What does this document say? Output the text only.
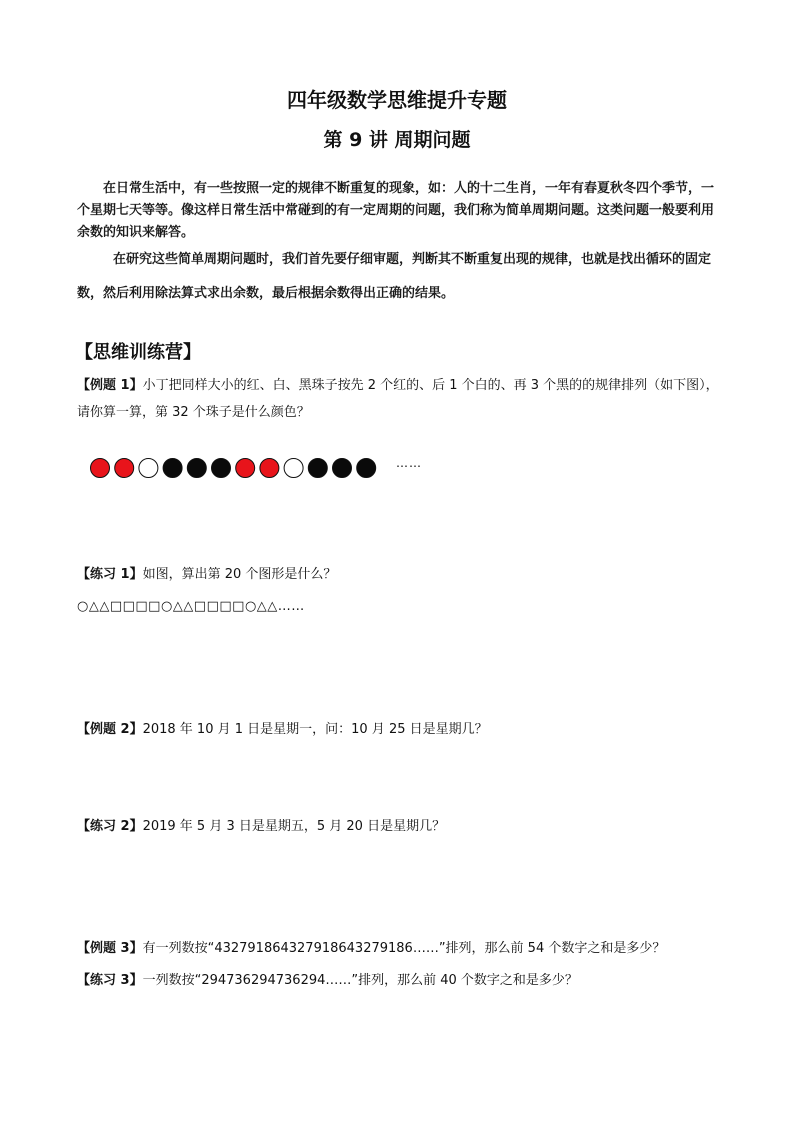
四年级数学思维提升专题
第 9 讲 周期问题

在日常生活中，有一些按照一定的规律不断重复的现象，如：人的十二生肖，一年有春夏秋冬四个季节，一个星期七天等等。像这样日常生活中常碰到的有一定周期的问题，我们称为简单周期问题。这类问题一般要利用余数的知识来解答。

在研究这些简单周期问题时，我们首先要仔细审题，判断其不断重复出现的规律，也就是找出循环的固定数，然后利用除法算式求出余数，最后根据余数得出正确的结果。

【思维训练营】
【例题 1】小丁把同样大小的红、白、黑珠子按先 2 个红的、后 1 个白的、再 3 个黑的的规律排列（如下图），请你算一算，第 32 个珠子是什么颜色？
……
【练习 1】如图，算出第 20 个图形是什么？
○△△□□□□○△△□□□□○△△……
【例题 2】2018 年 10 月 1 日是星期一，问：10 月 25 日是星期几？
【练习 2】2019 年 5 月 3 日是星期五，5 月 20 日是星期几？
【例题 3】有一列数按“432791864327918643279186……”排列，那么前 54 个数字之和是多少？
【练习 3】一列数按“294736294736294……”排列，那么前 40 个数字之和是多少？
